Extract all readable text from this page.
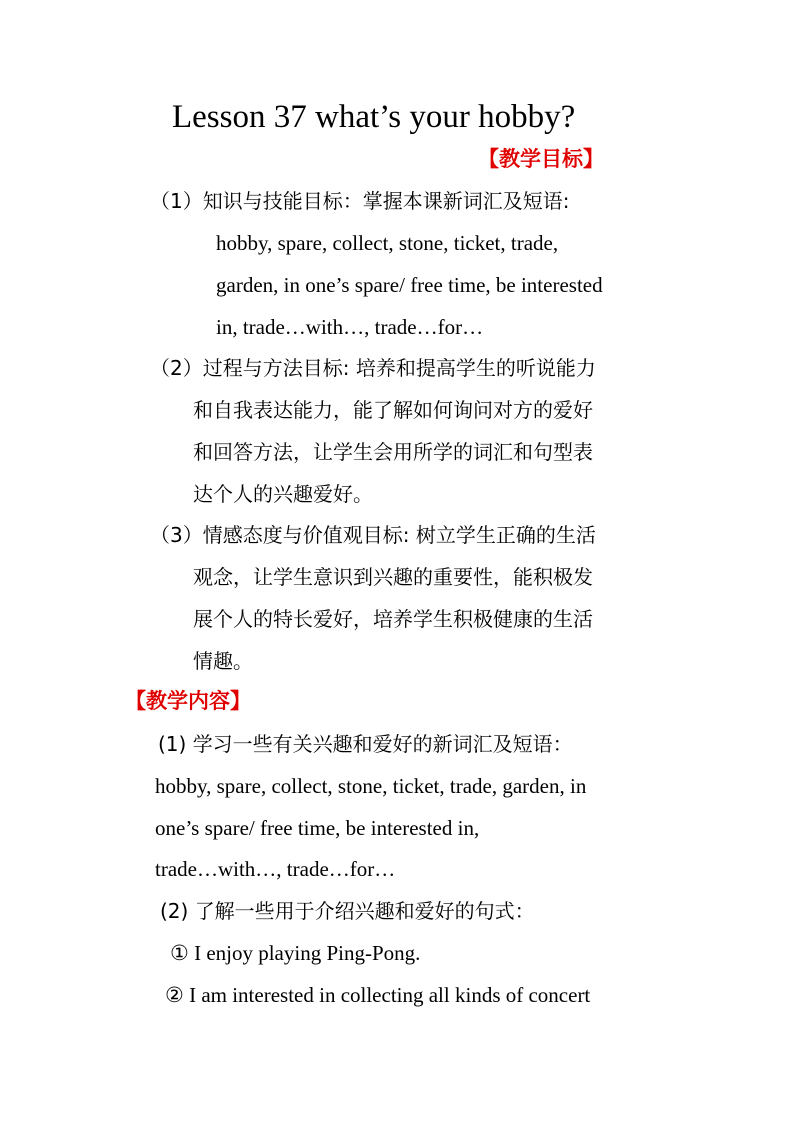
Lesson 37 what’s your hobby?
【教学目标】
（1）知识与技能目标：掌握本课新词汇及短语:
hobby, spare, collect, stone, ticket, trade,
garden, in one’s spare/ free time, be interested
in, trade…with…, trade…for…
（2）过程与方法目标: 培养和提高学生的听说能力
和自我表达能力，能了解如何询问对方的爱好
和回答方法，让学生会用所学的词汇和句型表
达个人的兴趣爱好。
（3）情感态度与价值观目标: 树立学生正确的生活
观念，让学生意识到兴趣的重要性，能积极发
展个人的特长爱好，培养学生积极健康的生活
情趣。
【教学内容】
(1) 学习一些有关兴趣和爱好的新词汇及短语：
hobby, spare, collect, stone, ticket, trade, garden, in
one’s spare/ free time, be interested in,
trade…with…, trade…for…
(2) 了解一些用于介绍兴趣和爱好的句式：
① I enjoy playing Ping-Pong.
② I am interested in collecting all kinds of concert
